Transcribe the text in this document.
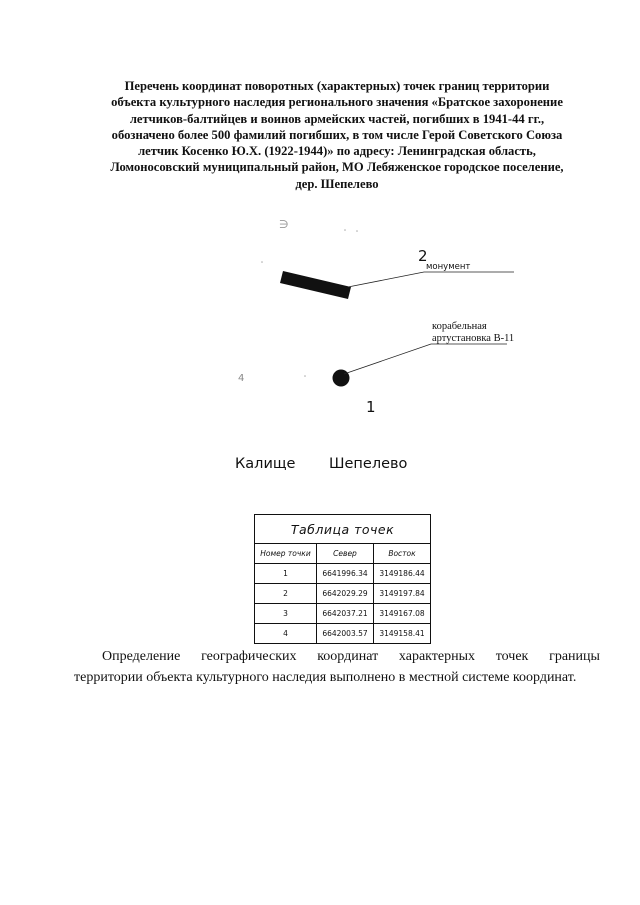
Перечень координат поворотных (характерных) точек границ территории
объекта культурного наследия регионального значения «Братское захоронение
летчиков-балтийцев и воинов армейских частей, погибших в 1941-44 гг.,
обозначено более 500 фамилий погибших, в том числе Герой Советского Союза
летчик Косенко Ю.Х. (1922-1944)» по адресу: Ленинградская область,
Ломоносовский муниципальный район, МО Лебяженское городское поселение,
дер. Шепелево
∋
4
2
монумент
корабельная
артустановка В-11
1
Калище Шепелево
Таблица точек		
Номер точки	Север	Восток
1	6641996.34	3149186.44
2	6642029.29	3149197.84
3	6642037.21	3149167.08
4	6642003.57	3149158.41
Определение географических координат характерных точек границы
территории объекта культурного наследия выполнено в местной системе координат.
